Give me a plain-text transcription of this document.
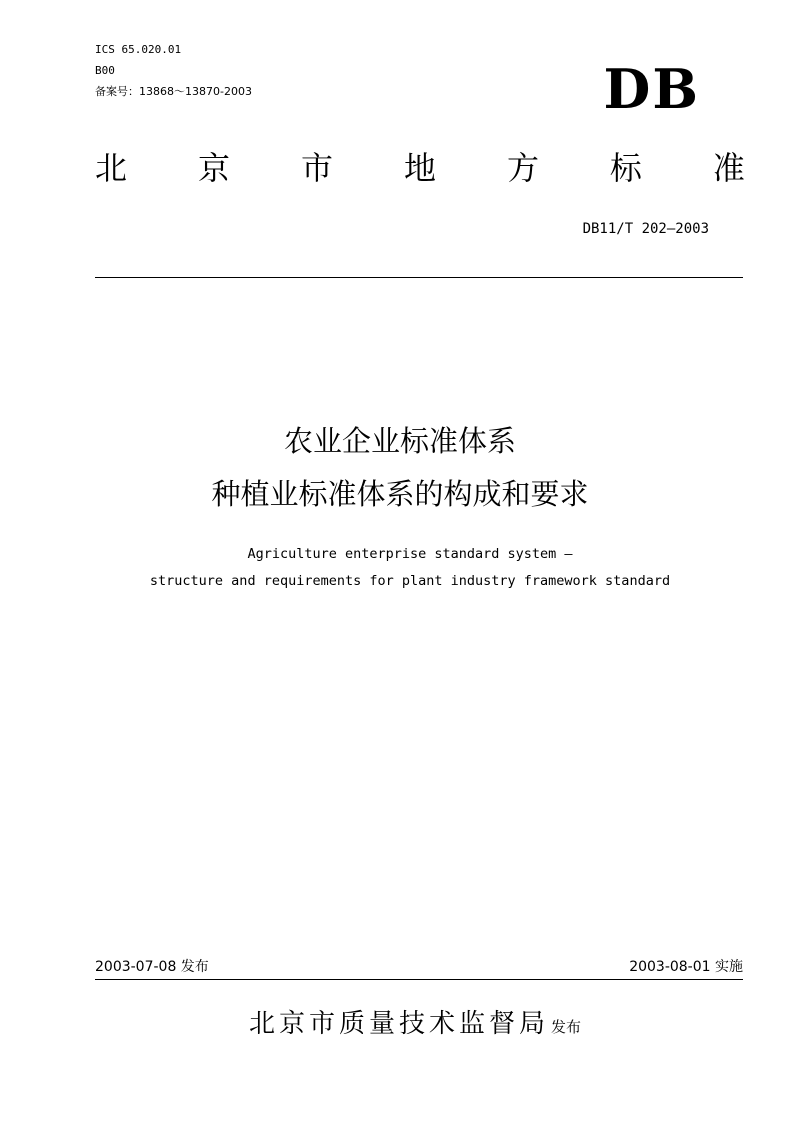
ICS 65.020.01

B00

备案号：13868～13870-2003	DB
北 京 市 地 方 标 准
DB11/T 202—2003
农业企业标准体系
种植业标准体系的构成和要求

Agriculture enterprise standard system —

structure and requirements for plant industry framework standard

2003-07-08 发布	2003-08-01 实施
北京市质量技术监督局 发布
